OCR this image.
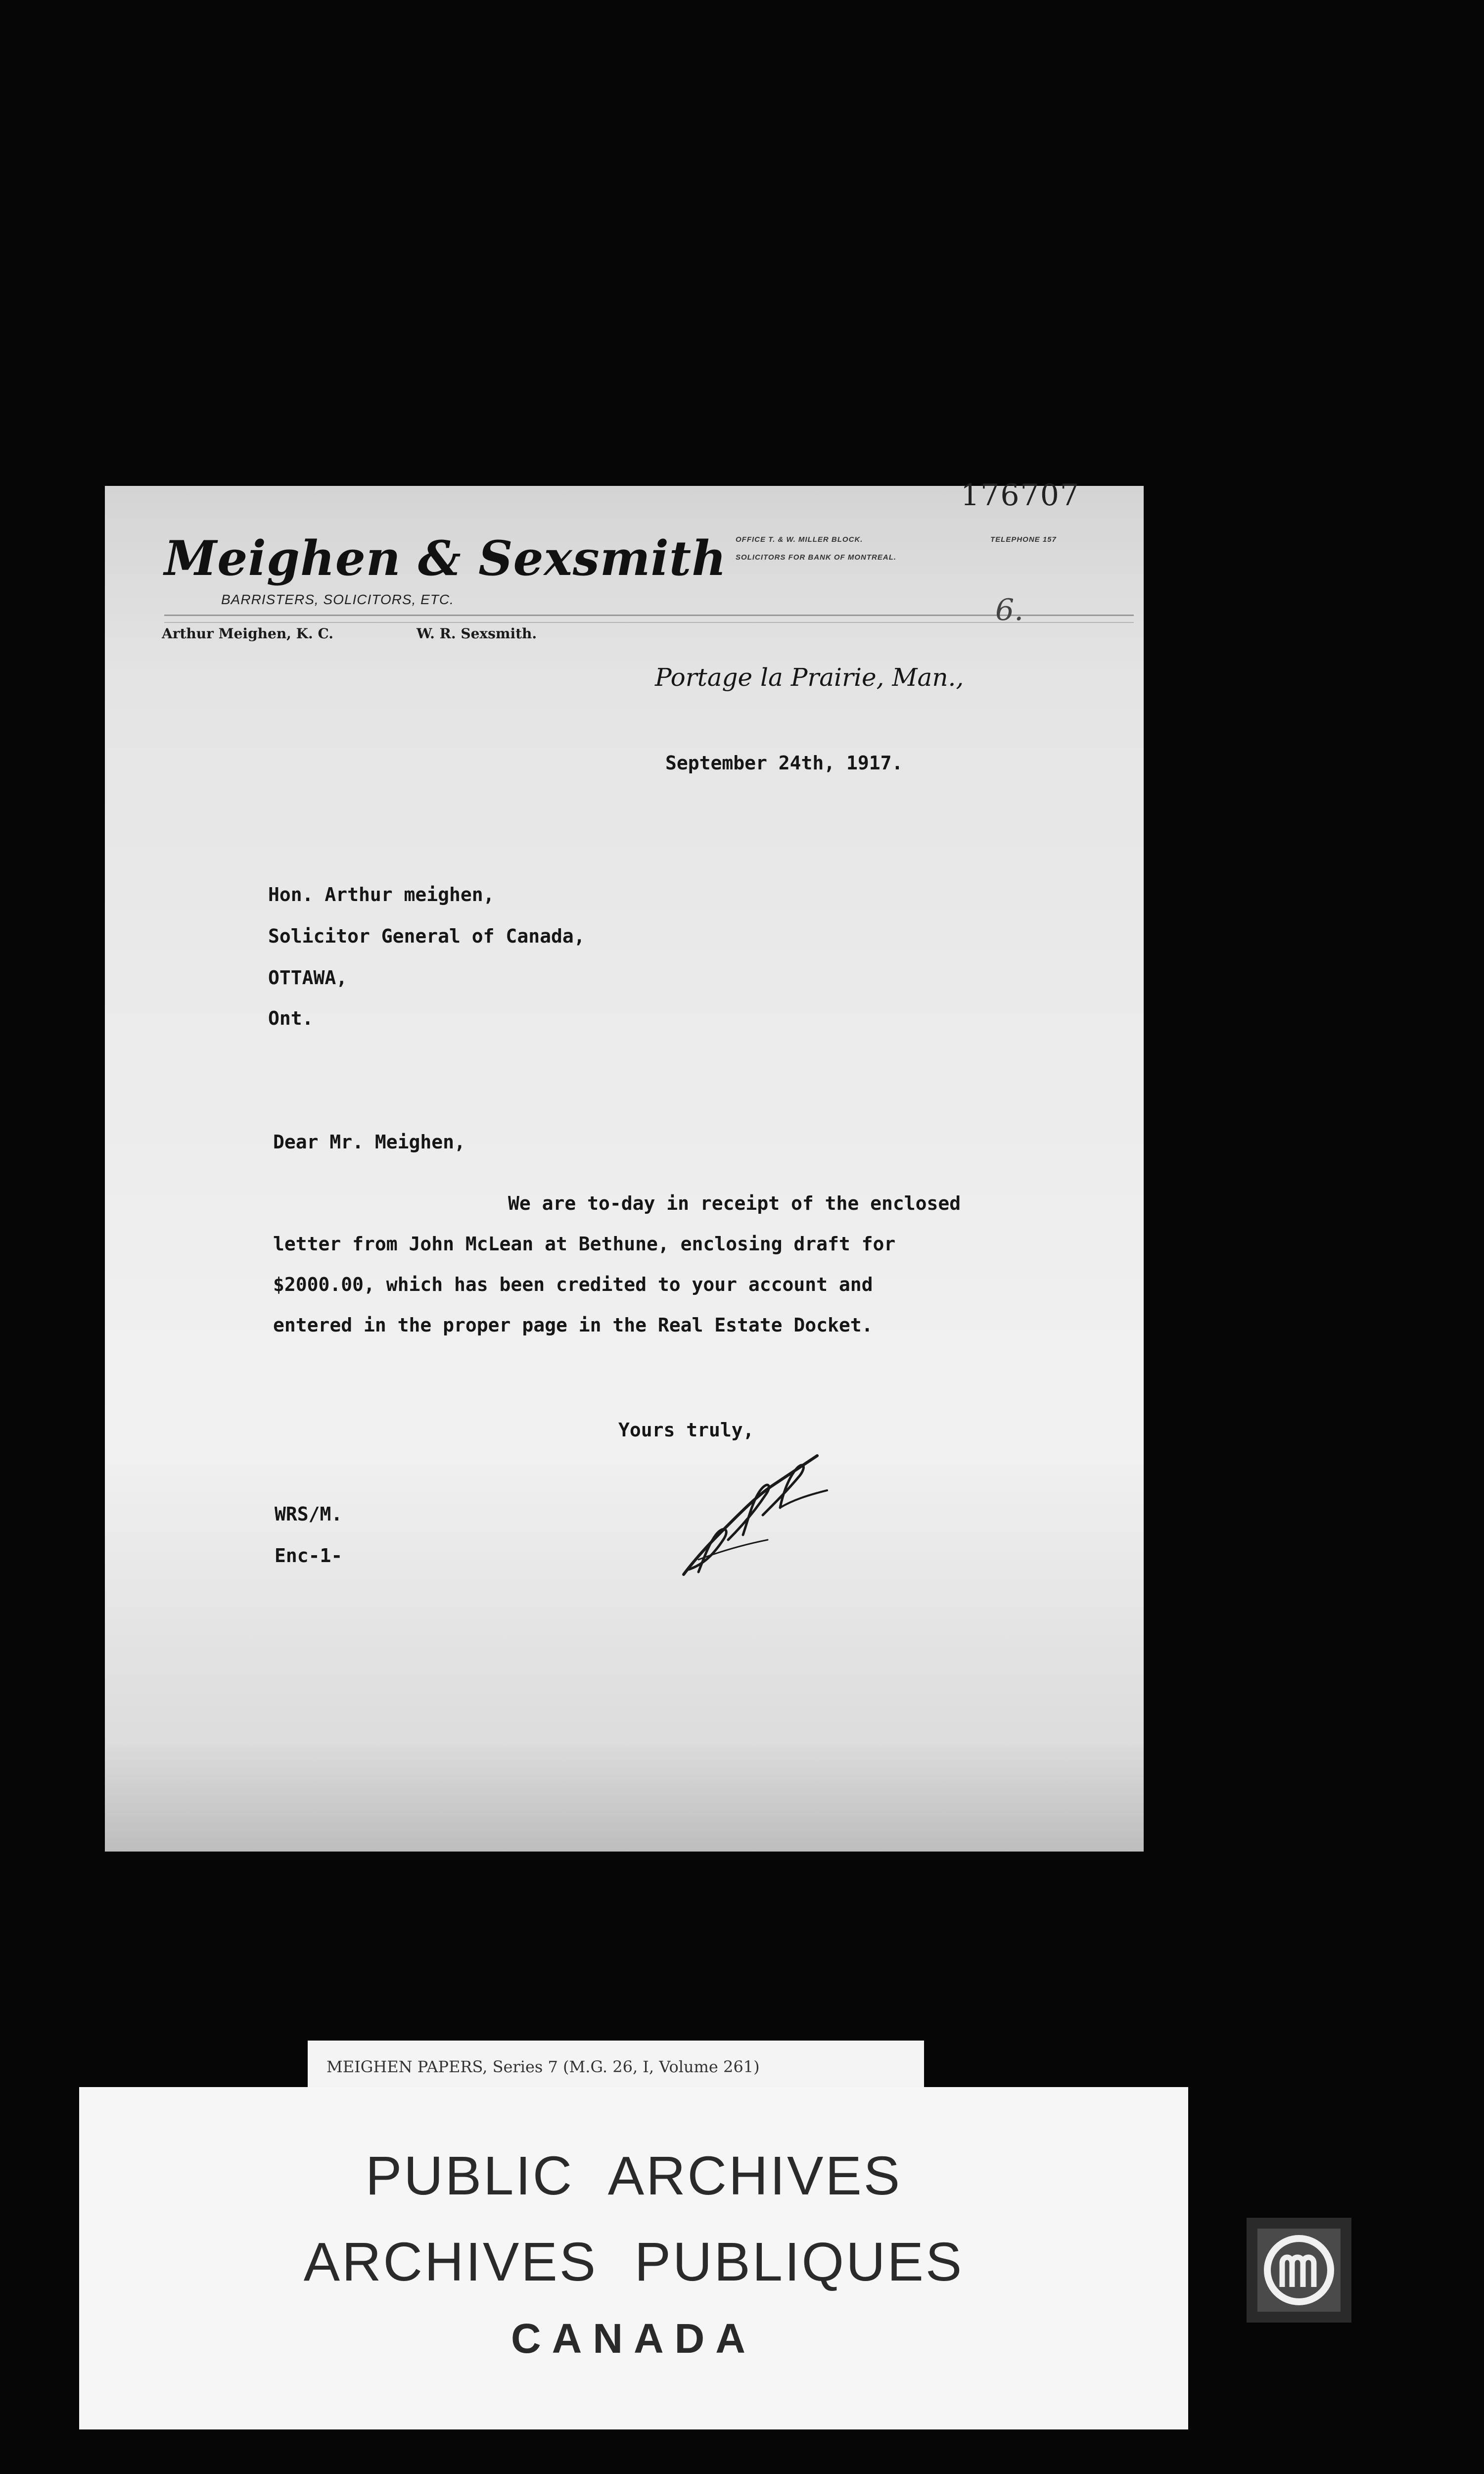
176707
Meighen & Sexsmith
BARRISTERS, SOLICITORS, ETC.
Arthur Meighen, K. C.	W. R. Sexsmith.
OFFICE T. & W. MILLER BLOCK.
SOLICITORS FOR BANK OF MONTREAL.
TELEPHONE 157
6.
Portage la Prairie, Man.,
September 24th, 1917.
Hon. Arthur meighen,
Solicitor General of Canada,
OTTAWA,
Ont.
Dear Mr. Meighen,
We are to-day in receipt of the enclosed
letter from John McLean at Bethune, enclosing draft for
$2000.00, which has been credited to your account and
entered in the proper page in the Real Estate Docket.
Yours truly,
WRS/M.
Enc-1-
MEIGHEN PAPERS, Series 7 (M.G. 26, I, Volume 261)
PUBLIC ARCHIVES
ARCHIVES PUBLIQUES
CANADA
